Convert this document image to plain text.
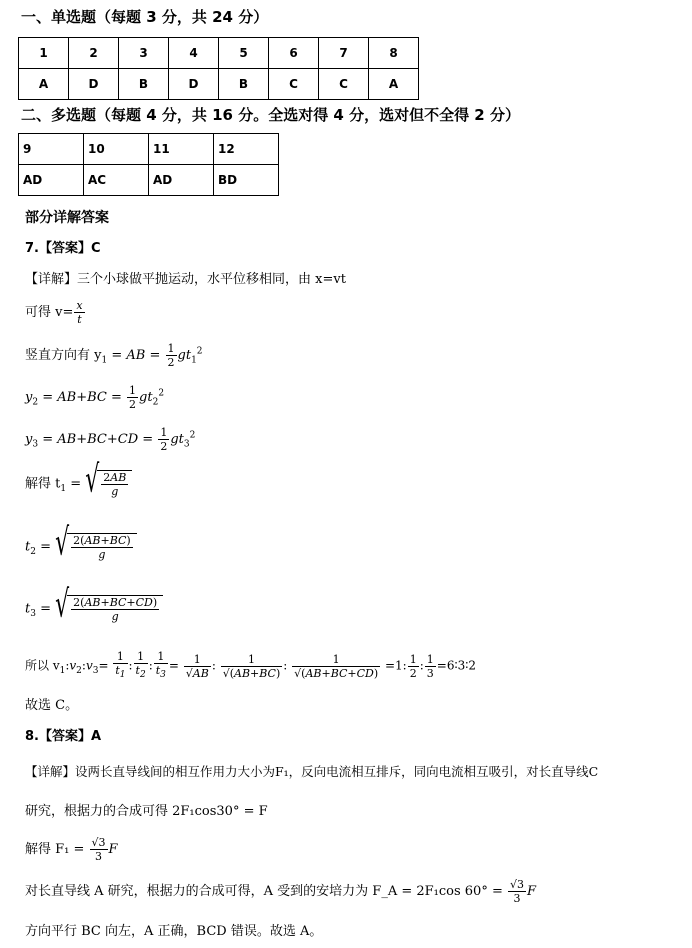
一、单选题（每题 3 分，共 24 分）
1	2	3	4	5	6	7	8
A	D	B	D	B	C	C	A
二、多选题（每题 4 分，共 16 分。全选对得 4 分，选对但不全得 2 分）
9	10	11	12
AD	AC	AD	BD
部分详解答案
7.【答案】C
【详解】三个小球做平抛运动，水平位移相同，由 x=vt
可得 $v= \frac{x}{t}$
竖直方向有 $y_1$ = AB = $\frac{1}{2} gt_1^2$
$y_2 = AB+BC = \frac{1}{2} gt_2^2$
$y_3 = AB+BC+CD = \frac{1}{2} gt_3^2$
解得 $t_1$ = √ $\frac{2AB}{g}$
$t_2$ = √ $\frac{2(AB+BC)}{g}$
$t_3$ = √ $\frac{2(AB+BC+CD)}{g}$
所以 $v_1:v_2:v_3= \frac{1}{t_1}$ : $\frac{1}{t_2}$ : $\frac{1}{t_3} = \frac{1}{√AB}$ : $\frac{1}{√(AB+BC)}$ : $\frac{1}{√(AB+BC+CD)} =1$: $\frac{1}{2}$ : $\frac{1}{3}$ =6∶3∶2
故选 C。
8.【答案】A
【详解】设两长直导线间的相互作用力大小为F₁，反向电流相互排斥，同向电流相互吸引，对长直导线C
研究，根据力的合成可得 2F₁cos30° = F
解得 $F_1 = \frac{√3}{3}$ F
对长直导线 A 研究，根据力的合成可得，A 受到的安培力为 F_A = 2F₁cos $60^\circ = \frac{√3}{3}$ F
方向平行 BC 向左，A 正确，BCD 错误。故选 A。
